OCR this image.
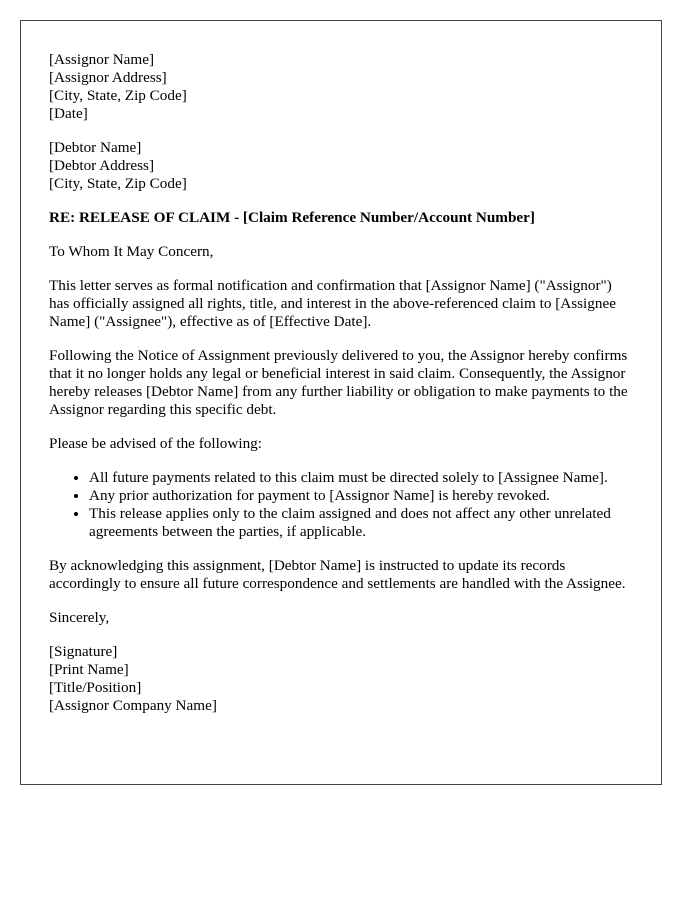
[Assignor Name]
[Assignor Address]
[City, State, Zip Code]
[Date]
[Debtor Name]
[Debtor Address]
[City, State, Zip Code]

RE: RELEASE OF CLAIM - [Claim Reference Number/Account Number]

To Whom It May Concern,

This letter serves as formal notification and confirmation that [Assignor Name] ("Assignor") has officially assigned all rights, title, and interest in the above-referenced claim to [Assignee Name] ("Assignee"), effective as of [Effective Date].

Following the Notice of Assignment previously delivered to you, the Assignor hereby confirms that it no longer holds any legal or beneficial interest in said claim. Consequently, the Assignor hereby releases [Debtor Name] from any further liability or obligation to make payments to the Assignor regarding this specific debt.

Please be advised of the following:

• All future payments related to this claim must be directed solely to [Assignee Name].
• Any prior authorization for payment to [Assignor Name] is hereby revoked.
• This release applies only to the claim assigned and does not affect any other unrelated agreements between the parties, if applicable.

By acknowledging this assignment, [Debtor Name] is instructed to update its records accordingly to ensure all future correspondence and settlements are handled with the Assignee.

Sincerely,

[Signature]
[Print Name]
[Title/Position]
[Assignor Company Name]
